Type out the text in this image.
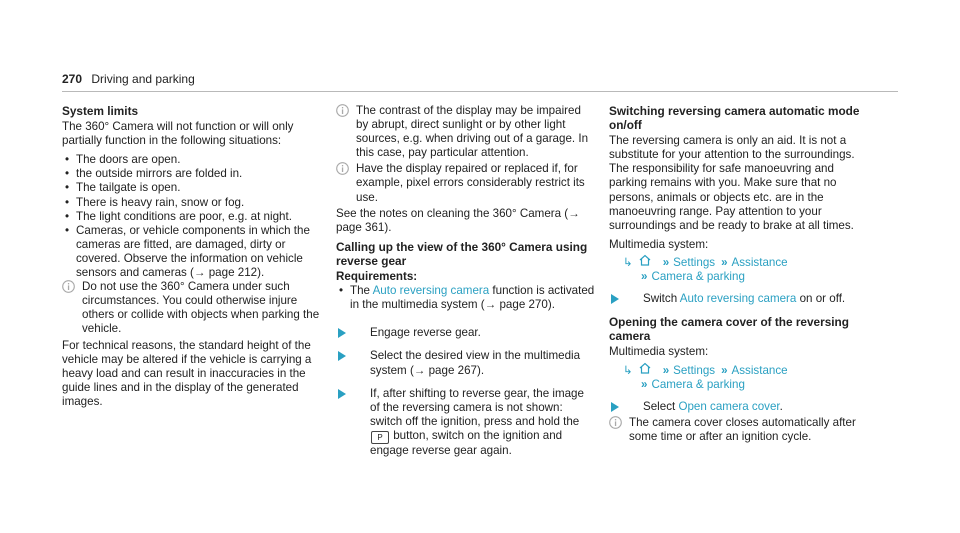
270 Driving and parking
System limits
The 360° Camera will not function or will only partially function in the following situations:
• The doors are open.
• the outside mirrors are folded in.
• The tailgate is open.
• There is heavy rain, snow or fog.
• The light conditions are poor, e.g. at night.
• Cameras, or vehicle components in which the cameras are fitted, are damaged, dirty or covered. Observe the information on vehicle sensors and cameras (→ page 212).
Do not use the 360° Camera under such circumstances. You could otherwise injure others or collide with objects when parking the vehicle.
For technical reasons, the standard height of the vehicle may be altered if the vehicle is carrying a heavy load and can result in inaccuracies in the guide lines and in the display of the generated images.
The contrast of the display may be impaired by abrupt, direct sunlight or by other light sources, e.g. when driving out of a garage. In this case, pay particular attention.
Have the display repaired or replaced if, for example, pixel errors considerably restrict its use.
See the notes on cleaning the 360° Camera (→ page 361).
Calling up the view of the 360° Camera using reverse gear
Requirements:
• The Auto reversing camera function is activated in the multimedia system (→ page 270).
Engage reverse gear.
Select the desired view in the multimedia system (→ page 267).
If, after shifting to reverse gear, the image of the reversing camera is not shown: switch off the ignition, press and hold the P button, switch on the ignition and engage reverse gear again.
Switching reversing camera automatic mode on/off
The reversing camera is only an aid. It is not a substitute for your attention to the surroundings. The responsibility for safe manoeuvring and parking remains with you. Make sure that no persons, animals or objects etc. are in the manoeuvring range. Pay attention to your surroundings and be ready to brake at all times.
Multimedia system:
↳	» Settings » Assistance
» Camera & parking
Switch Auto reversing camera on or off.
Opening the camera cover of the reversing camera
Multimedia system:
↳	» Settings » Assistance
» Camera & parking
Select Open camera cover.
The camera cover closes automatically after some time or after an ignition cycle.
